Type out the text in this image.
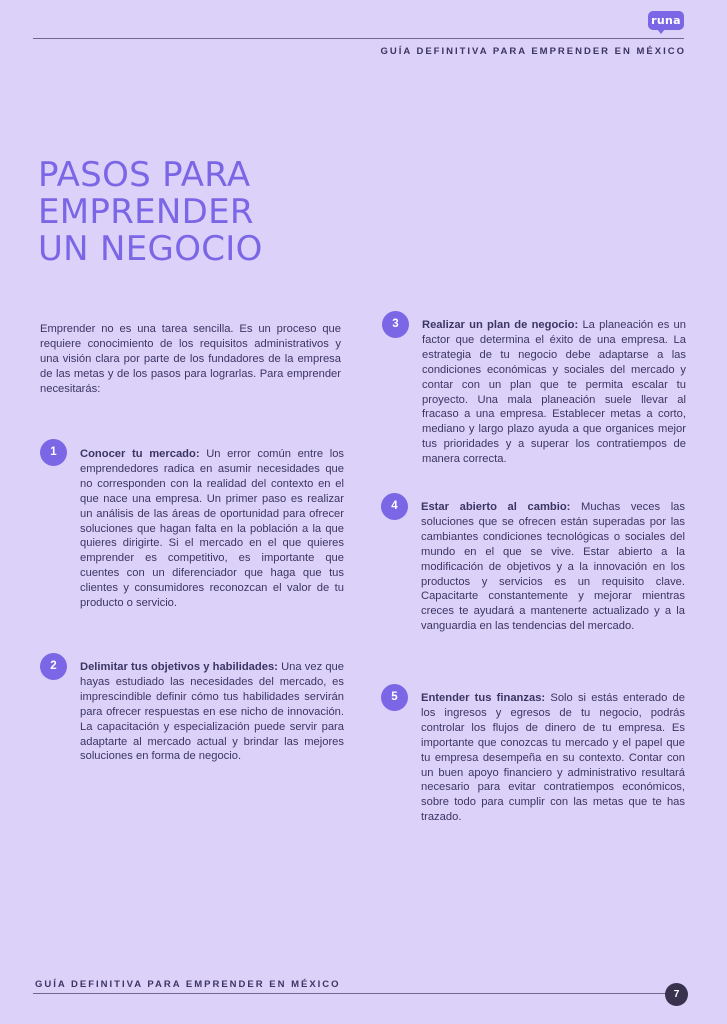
runa
GUÍA DEFINITIVA PARA EMPRENDER EN MÉXICO
PASOS PARA
EMPRENDER
UN NEGOCIO

Emprender no es una tarea sencilla. Es un proceso que requiere conocimiento de los requisitos administrativos y una visión clara por parte de los fundadores de la empresa de las metas y de los pasos para lograrlas. Para emprender necesitarás:

1	Conocer tu mercado: Un error común entre los emprendedores radica en asumir necesidades que no corresponden con la realidad del contexto en el que nace una empresa. Un primer paso es realizar un análisis de las áreas de oportunidad para ofrecer soluciones que hagan falta en la población a la que quieres dirigirte. Si el mercado en el que quieres emprender es competitivo, es importante que cuentes con un diferenciador que haga que tus clientes y consumidores reconozcan el valor de tu producto o servicio.

2	Delimitar tus objetivos y habilidades: Una vez que hayas estudiado las necesidades del mercado, es imprescindible definir cómo tus habilidades servirán para ofrecer respuestas en ese nicho de innovación. La capacitación y especialización puede servir para adaptarte al mercado actual y brindar las mejores soluciones en forma de negocio.

3	Realizar un plan de negocio: La planeación es un factor que determina el éxito de una empresa. La estrategia de tu negocio debe adaptarse a las condiciones económicas y sociales del mercado y contar con un plan que te permita escalar tu proyecto. Una mala planeación suele llevar al fracaso a una empresa. Establecer metas a corto, mediano y largo plazo ayuda a que organices mejor tus prioridades y a superar los contratiempos de manera correcta.

4	Estar abierto al cambio: Muchas veces las soluciones que se ofrecen están superadas por las cambiantes condiciones tecnológicas o sociales del mundo en el que se vive. Estar abierto a la modificación de objetivos y a la innovación en los productos y servicios es un requisito clave. Capacitarte constantemente y mejorar mientras creces te ayudará a mantenerte actualizado y a la vanguardia en las tendencias del mercado.

5	Entender tus finanzas: Solo si estás enterado de los ingresos y egresos de tu negocio, podrás controlar los flujos de dinero de tu empresa. Es importante que conozcas tu mercado y el papel que tu empresa desempeña en su contexto. Contar con un buen apoyo financiero y administrativo resultará necesario para evitar contratiempos económicos, sobre todo para cumplir con las metas que te has trazado.

GUÍA DEFINITIVA PARA EMPRENDER EN MÉXICO
7
